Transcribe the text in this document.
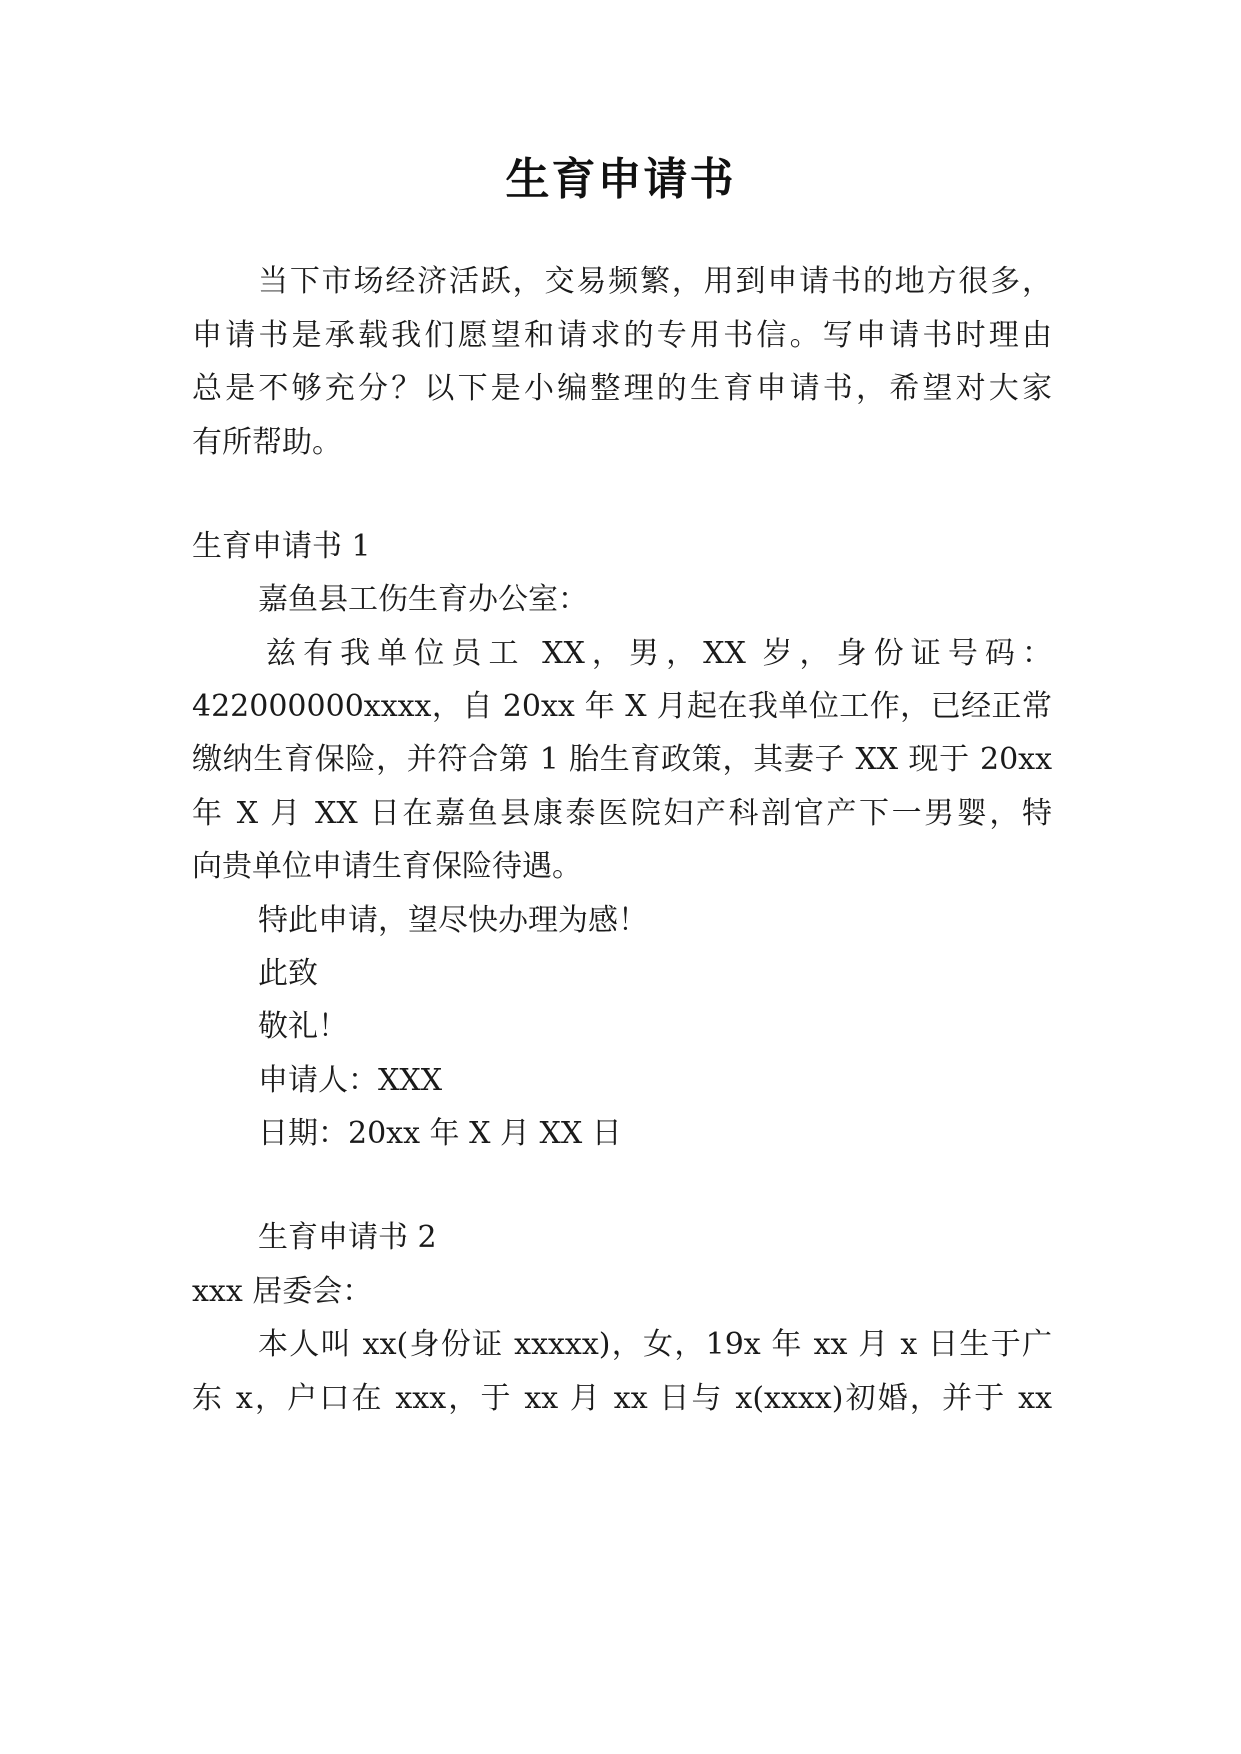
生育申请书
当下市场经济活跃，交易频繁，用到申请书的地方很多，
申请书是承载我们愿望和请求的专用书信。写申请书时理由
总是不够充分？以下是小编整理的生育申请书，希望对大家
有所帮助。
生育申请书 1
嘉鱼县工伤生育办公室：
兹有我单位员工 XX，男，XX 岁，身份证号码：
422000000xxxx，自 20xx 年 X 月起在我单位工作，已经正常
缴纳生育保险，并符合第 1 胎生育政策，其妻子 XX 现于 20xx
年 X 月 XX 日在嘉鱼县康泰医院妇产科剖官产下一男婴，特
向贵单位申请生育保险待遇。
特此申请，望尽快办理为感！
此致
敬礼！
申请人：XXX
日期：20xx 年 X 月 XX 日
生育申请书 2
xxx 居委会：
本人叫 xx(身份证 xxxxx)，女，19x 年 xx 月 x 日生于广
东 x，户口在 xxx，于 xx 月 xx 日与 x(xxxx)初婚，并于 xx
